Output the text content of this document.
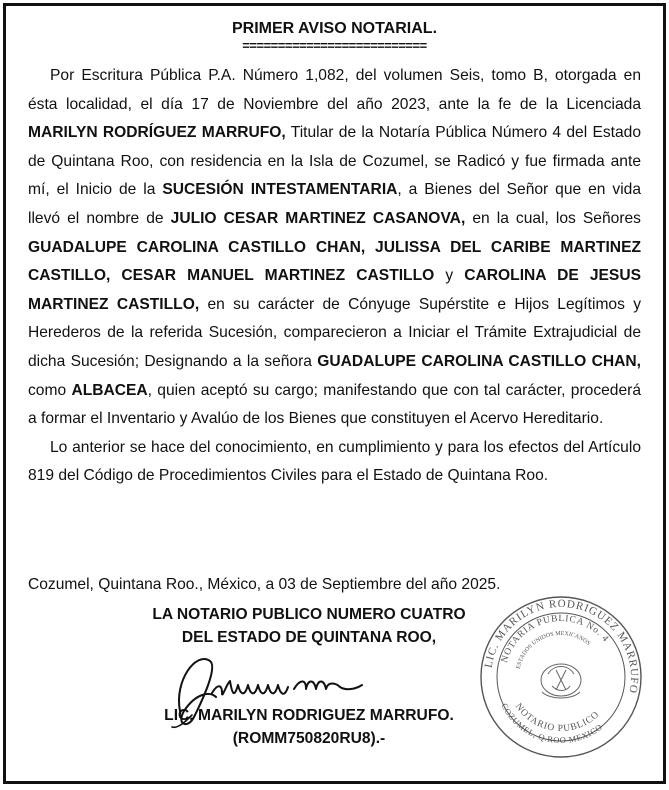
PRIMER AVISO NOTARIAL.
==========================

Por Escritura Pública P.A. Número 1,082, del volumen Seis, tomo B, otorgada en ésta localidad, el día 17 de Noviembre del año 2023, ante la fe de la Licenciada MARILYN RODRÍGUEZ MARRUFO, Titular de la Notaría Pública Número 4 del Estado de Quintana Roo, con residencia en la Isla de Cozumel, se Radicó y fue firmada ante mí, el Inicio de la SUCESIÓN INTESTAMENTARIA, a Bienes del Señor que en vida llevó el nombre de JULIO CESAR MARTINEZ CASANOVA, en la cual, los Señores GUADALUPE CAROLINA CASTILLO CHAN, JULISSA DEL CARIBE MARTINEZ CASTILLO, CESAR MANUEL MARTINEZ CASTILLO y CAROLINA DE JESUS MARTINEZ CASTILLO, en su carácter de Cónyuge Supérstite e Hijos Legítimos y Herederos de la referida Sucesión, comparecieron a Iniciar el Trámite Extrajudicial de dicha Sucesión; Designando a la señora GUADALUPE CAROLINA CASTILLO CHAN, como ALBACEA, quien aceptó su cargo; manifestando que con tal carácter, procederá a formar el Inventario y Avalúo de los Bienes que constituyen el Acervo Hereditario.

Lo anterior se hace del conocimiento, en cumplimiento y para los efectos del Artículo 819 del Código de Procedimientos Civiles para el Estado de Quintana Roo.

Cozumel, Quintana Roo., México, a 03 de Septiembre del año 2025.
LA NOTARIO PUBLICO NUMERO CUATRO
DEL ESTADO DE QUINTANA ROO,
LIC. MARILYN RODRIGUEZ MARRUFO.
(ROMM750820RU8).-
LIC. MARILYN RODRIGUEZ MARRUFO
NOTARIA PUBLICA No. 4
ESTADOS UNIDOS MEXICANOS
NOTARIO PUBLICO
COZUMEL, Q.ROO MEXICO
